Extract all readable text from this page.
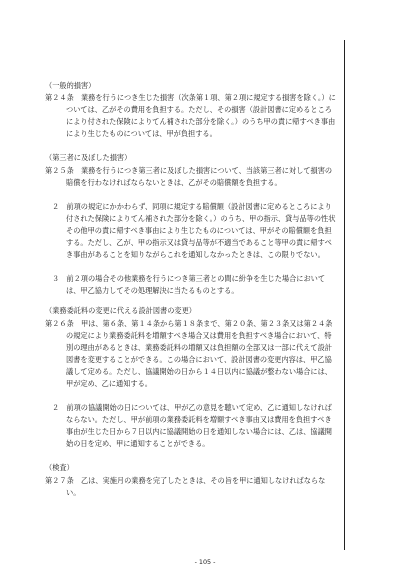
（一般的損害）

第２４条　 業務を行うにつき生じた損害（次条第１項、第２項に規定する損害を除く。）については、乙がその費用を負担する。ただし、その損害（設計図書に定めるところにより付された保険によりてん補された部分を除く。）のうち甲の責に帰すべき事由により生じたものについては、甲が負担する。

（第三者に及ぼした損害）

第２５条　 業務を行うにつき第三者に及ぼした損害について、当該第三者に対して損害の賠償を行わなければならないときは、乙がその賠償額を負担する。

２　 前項の規定にかかわらず、同項に規定する賠償額（設計図書に定めるところにより付された保険によりてん補された部分を除く。）のうち、甲の指示、貸与品等の性状その他甲の責に帰すべき事由により生じたものについては、甲がその賠償額を負担する。ただし、乙が、甲の指示又は貸与品等が不適当であること等甲の責に帰すべき事由があることを知りながらこれを通知しなかったときは、この限りでない。

３　 前２項の場合その他業務を行うにつき第三者との間に紛争を生じた場合においては、甲乙協力してその処理解決に当たるものとする。

（業務委託料の変更に代える設計図書の変更）

第２６条　 甲は、第６条、第１４条から第１８条まで、第２０条、第２３条又は第２４条の規定により業務委託料を増額すべき場合又は費用を負担すべき場合において、特別の理由があるときは、業務委託料の増額又は負担額の全部又は一部に代えて設計図書を変更することができる。この場合において、設計図書の変更内容は、甲乙協議して定める。ただし、協議開始の日から１４日以内に協議が整わない場合には、甲が定め、乙に通知する。

２　 前項の協議開始の日については、甲が乙の意見を聴いて定め、乙に通知しなければならない。ただし、甲が前項の業務委託料を増額すべき事由又は費用を負担すべき事由が生じた日から７日以内に協議開始の日を通知しない場合には、乙は、協議開始の日を定め、甲に通知することができる。

（検査）

第２７条　 乙は、実施月の業務を完了したときは、その旨を甲に通知しなければならない。

- 105 -
